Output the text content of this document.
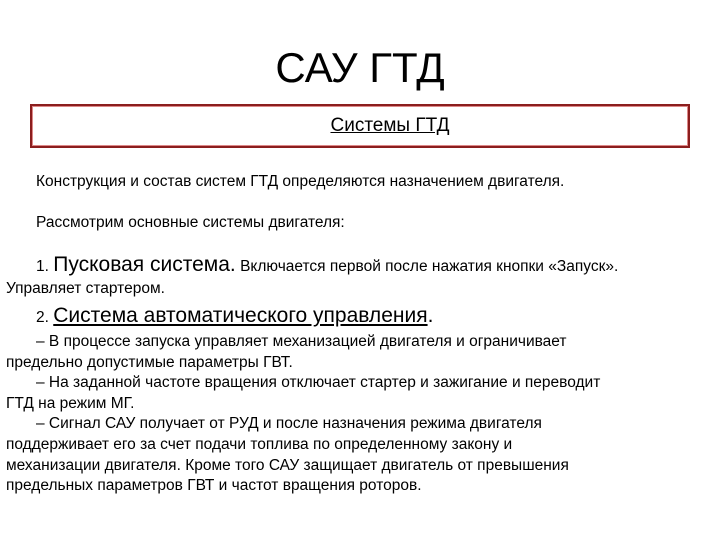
САУ ГТД
Системы ГТД
Конструкция и состав систем ГТД определяются назначением двигателя.
Рассмотрим основные системы двигателя:
1. Пусковая система. Включается первой после нажатия кнопки «Запуск».
Управляет стартером.
2. Система автоматического управления.
– В процессе запуска управляет механизацией двигателя и ограничивает
предельно допустимые параметры ГВТ.
– На заданной частоте вращения отключает стартер и зажигание и переводит
ГТД на режим МГ.
– Сигнал САУ получает от РУД и после назначения режима двигателя
поддерживает его за счет подачи топлива по определенному закону и
механизации двигателя. Кроме того САУ защищает двигатель от превышения
предельных параметров ГВТ и частот вращения роторов.
